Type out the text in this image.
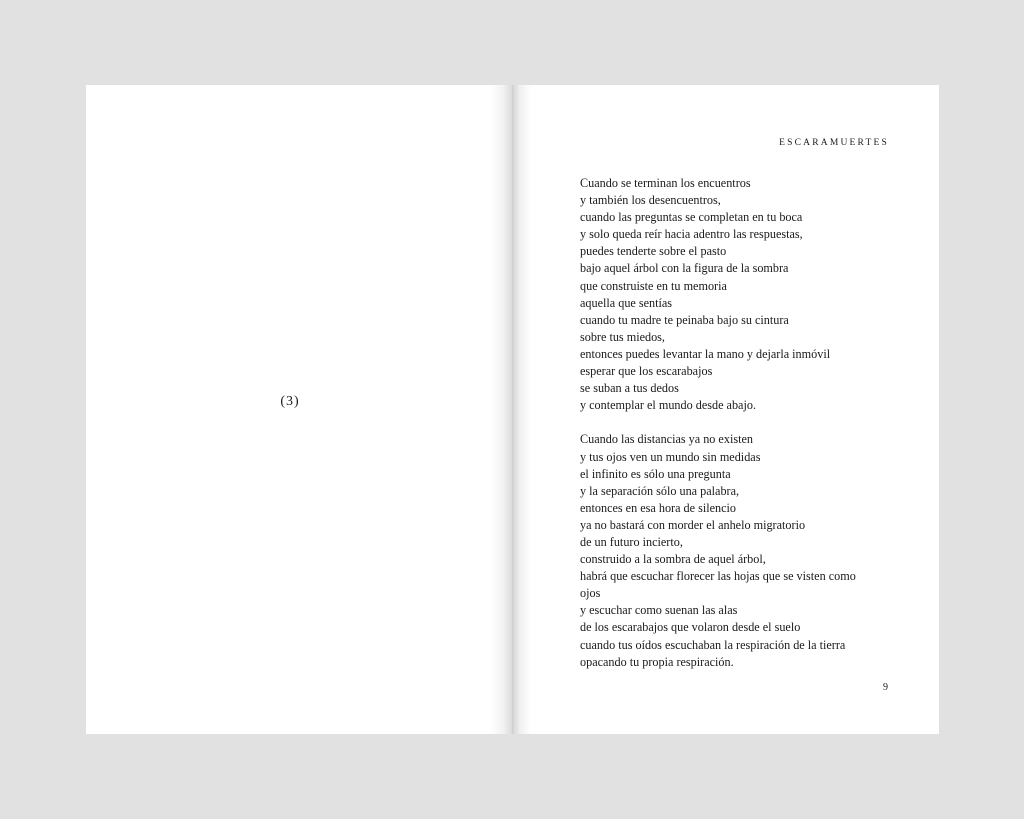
(3)
ESCARAMUERTES
Cuando se terminan los encuentros
y también los desencuentros,
cuando las preguntas se completan en tu boca
y solo queda reír hacia adentro las respuestas,
puedes tenderte sobre el pasto
bajo aquel árbol con la figura de la sombra
que construiste en tu memoria
aquella que sentías
cuando tu madre te peinaba bajo su cintura
sobre tus miedos,
entonces puedes levantar la mano y dejarla inmóvil
esperar que los escarabajos
se suban a tus dedos
y contemplar el mundo desde abajo.
Cuando las distancias ya no existen
y tus ojos ven un mundo sin medidas
el infinito es sólo una pregunta
y la separación sólo una palabra,
entonces en esa hora de silencio
ya no bastará con morder el anhelo migratorio
de un futuro incierto,
construido a la sombra de aquel árbol,
habrá que escuchar florecer las hojas que se visten como
ojos
y escuchar como suenan las alas
de los escarabajos que volaron desde el suelo
cuando tus oídos escuchaban la respiración de la tierra
opacando tu propia respiración.
9
